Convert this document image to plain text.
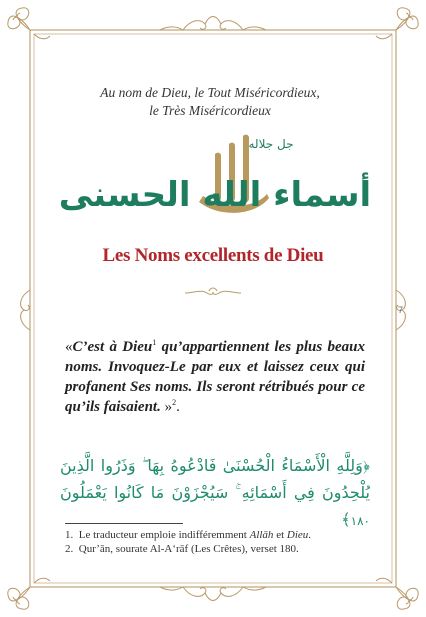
Au nom de Dieu, le Tout Miséricordieux,
le Très Miséricordieux
جل جلاله
أسماء الله الحسنى
Les Noms excellents de Dieu
7
«C’est à Dieu$^1$ qu’appartiennent les plus beaux noms. Invoquez-Le par eux et laissez ceux qui profanent Ses noms. Ils seront rétribués pour ce qu’ils faisaient. »$^2$.
﴿وَلِلَّهِ الْأَسْمَاءُ الْحُسْنَىٰ فَادْعُوهُ بِهَا ۖ وَذَرُوا الَّذِينَ يُلْحِدُونَ فِي أَسْمَائِهِ ۚ سَيُجْزَوْنَ مَا كَانُوا يَعْمَلُونَ ١٨٠﴾
1. Le traducteur emploie indifféremment Allāh et Dieu.
2. Qur’ān, sourate Al-A‘rāf (Les Crêtes), verset 180.
